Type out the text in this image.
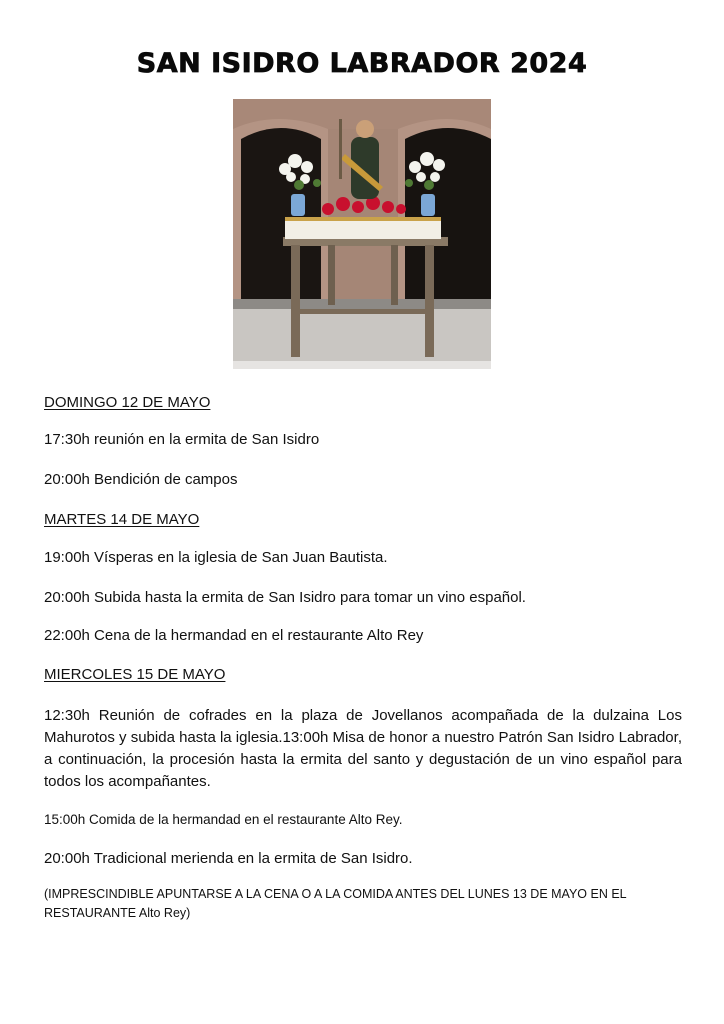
SAN ISIDRO LABRADOR 2024
DOMINGO 12 DE MAYO
17:30h reunión en la ermita de San Isidro
20:00h Bendición de campos
MARTES 14 DE MAYO
19:00h Vísperas en la iglesia de San Juan Bautista.
20:00h Subida hasta la ermita de San Isidro para tomar un vino español.
22:00h Cena de la hermandad en el restaurante Alto Rey
MIERCOLES 15 DE MAYO
12:30h Reunión de cofrades en la plaza de Jovellanos acompañada de la dulzaina Los Mahurotos y subida hasta la iglesia.13:00h Misa de honor a nuestro Patrón San Isidro Labrador, a continuación, la procesión hasta la ermita del santo y degustación de un vino español para todos los acompañantes.
15:00h Comida de la hermandad en el restaurante Alto Rey.
20:00h Tradicional merienda en la ermita de San Isidro.
(IMPRESCINDIBLE APUNTARSE A LA CENA O A LA COMIDA ANTES DEL LUNES 13 DE MAYO EN EL RESTAURANTE Alto Rey)
